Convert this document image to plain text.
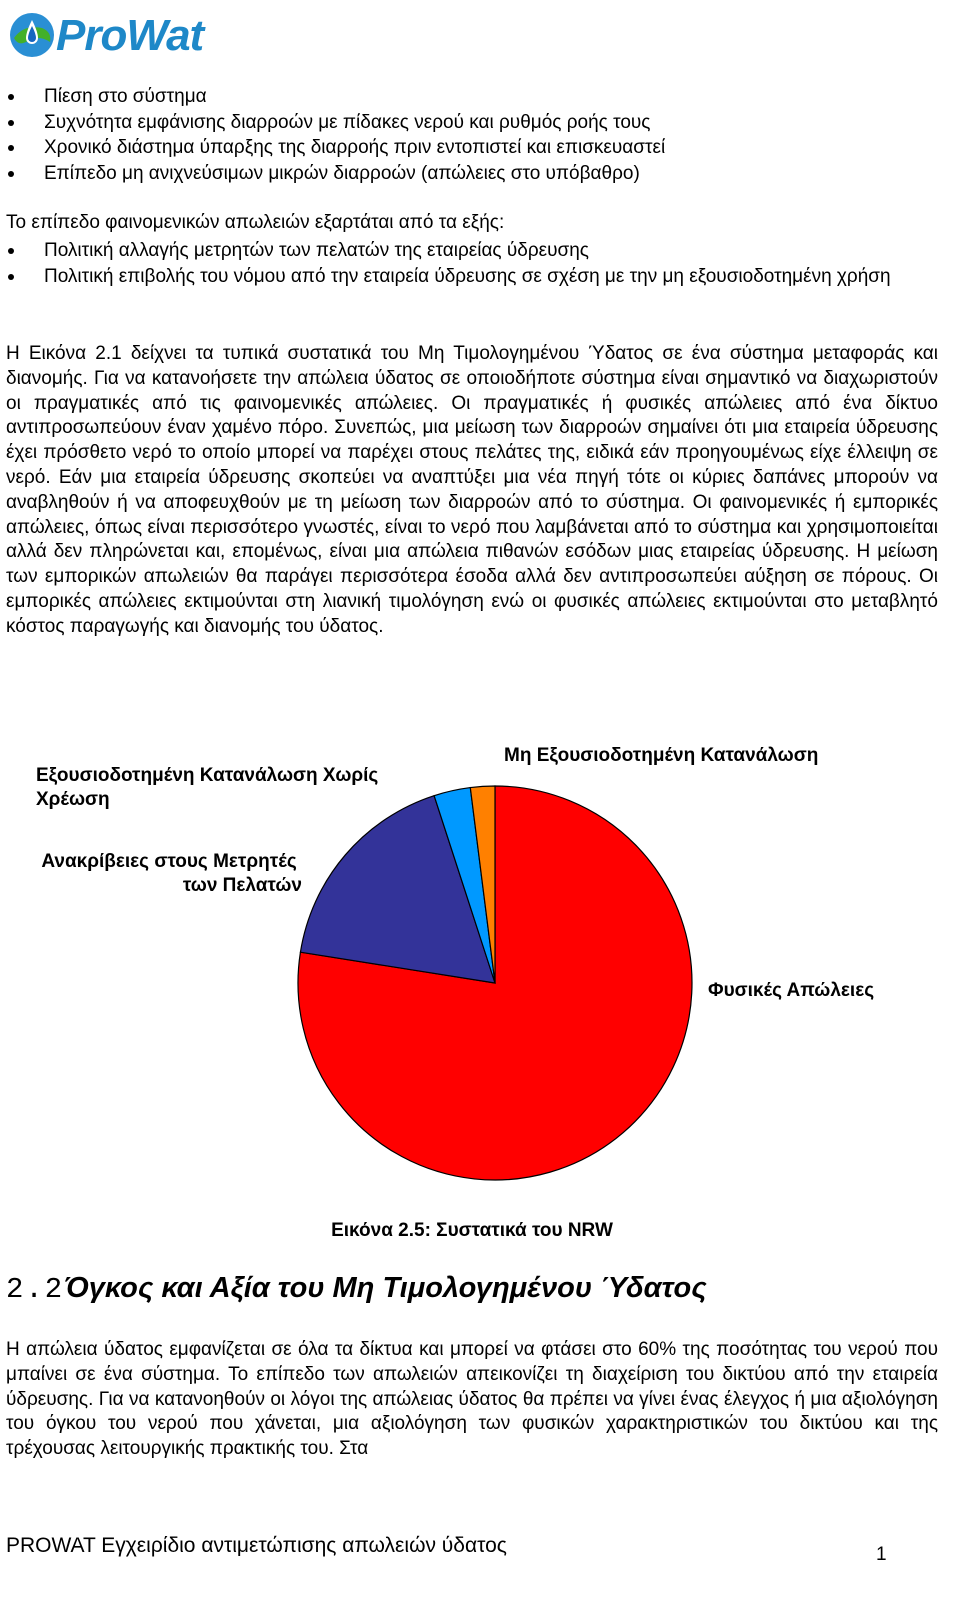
ProWat
Πίεση στο σύστημα
Συχνότητα εμφάνισης διαρροών με πίδακες νερού και ρυθμός ροής τους
Χρονικό διάστημα ύπαρξης της διαρροής πριν εντοπιστεί και επισκευαστεί
Επίπεδο μη ανιχνεύσιμων μικρών διαρροών (απώλειες στο υπόβαθρο)

Το επίπεδο φαινομενικών απωλειών εξαρτάται από τα εξής:

Πολιτική αλλαγής μετρητών των πελατών της εταιρείας ύδρευσης
Πολιτική επιβολής του νόμου από την εταιρεία ύδρευσης σε σχέση με την μη εξουσιοδοτημένη χρήση

Η Εικόνα 2.1 δείχνει τα τυπικά συστατικά του Μη Τιμολογημένου Ύδατος σε ένα σύστημα μεταφοράς και διανομής. Για να κατανοήσετε την απώλεια ύδατος σε οποιοδήποτε σύστημα είναι σημαντικό να διαχωριστούν οι πραγματικές από τις φαινομενικές απώλειες. Οι πραγματικές ή φυσικές απώλειες από ένα δίκτυο αντιπροσωπεύουν έναν χαμένο πόρο. Συνεπώς, μια μείωση των διαρροών σημαίνει ότι μια εταιρεία ύδρευσης έχει πρόσθετο νερό το οποίο μπορεί να παρέχει στους πελάτες της, ειδικά εάν προηγουμένως είχε έλλειψη σε νερό. Εάν μια εταιρεία ύδρευσης σκοπεύει να αναπτύξει μια νέα πηγή τότε οι κύριες δαπάνες μπορούν να αναβληθούν ή να αποφευχθούν με τη μείωση των διαρροών από το σύστημα. Οι φαινομενικές ή εμπορικές απώλειες, όπως είναι περισσότερο γνωστές, είναι το νερό που λαμβάνεται από το σύστημα και χρησιμοποιείται αλλά δεν πληρώνεται και, επομένως, είναι μια απώλεια πιθανών εσόδων μιας εταιρείας ύδρευσης. Η μείωση των εμπορικών απωλειών θα παράγει περισσότερα έσοδα αλλά δεν αντιπροσωπεύει αύξηση σε πόρους. Οι εμπορικές απώλειες εκτιμούνται στη λιανική τιμολόγηση ενώ οι φυσικές απώλειες εκτιμούνται στο μεταβλητό κόστος παραγωγής και διανομής του ύδατος.

Εξουσιοδοτημένη Κατανάλωση Χωρίς Χρέωση
Μη Εξουσιοδοτημένη Κατανάλωση
Ανακρίβειες στους Μετρητές των Πελατών
Φυσικές Απώλειες
Εικόνα 2.5: Συστατικά του NRW
2.2Όγκος και Αξία του Μη Τιμολογημένου Ύδατος

Η απώλεια ύδατος εμφανίζεται σε όλα τα δίκτυα και μπορεί να φτάσει στο 60% της ποσότητας του νερού που μπαίνει σε ένα σύστημα. Το επίπεδο των απωλειών απεικονίζει τη διαχείριση του δικτύου από την εταιρεία ύδρευσης. Για να κατανοηθούν οι λόγοι της απώλειας ύδατος θα πρέπει να γίνει ένας έλεγχος ή μια αξιολόγηση του όγκου του νερού που χάνεται, μια αξιολόγηση των φυσικών χαρακτηριστικών του δικτύου και της τρέχουσας λειτουργικής πρακτικής του. Στα

PROWAT Εγχειρίδιο αντιμετώπισης απωλειών ύδατος	1
